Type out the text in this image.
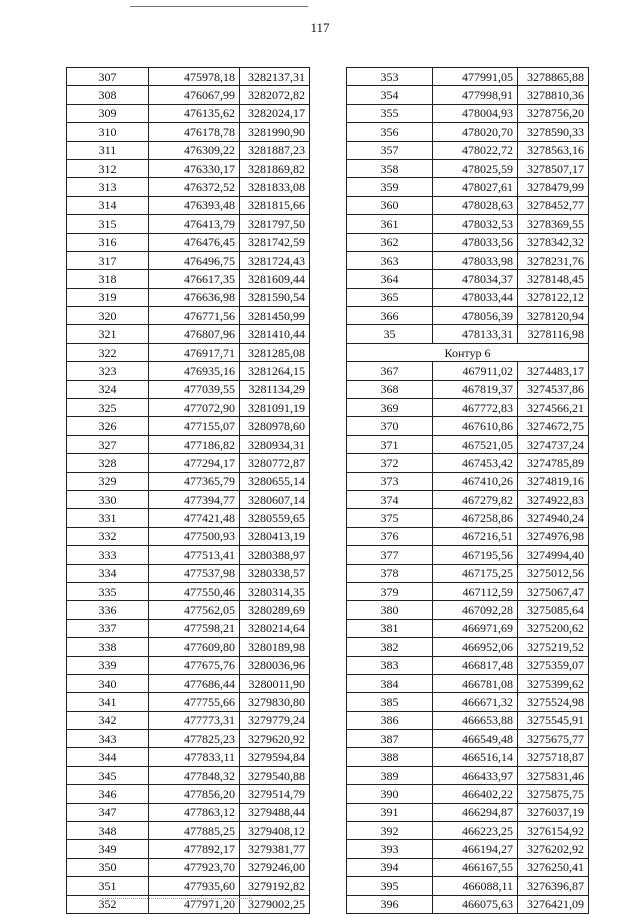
117
307	475978,18	3282137,31
308	476067,99	3282072,82
309	476135,62	3282024,17
310	476178,78	3281990,90
311	476309,22	3281887,23
312	476330,17	3281869,82
313	476372,52	3281833,08
314	476393,48	3281815,66
315	476413,79	3281797,50
316	476476,45	3281742,59
317	476496,75	3281724,43
318	476617,35	3281609,44
319	476636,98	3281590,54
320	476771,56	3281450,99
321	476807,96	3281410,44
322	476917,71	3281285,08
323	476935,16	3281264,15
324	477039,55	3281134,29
325	477072,90	3281091,19
326	477155,07	3280978,60
327	477186,82	3280934,31
328	477294,17	3280772,87
329	477365,79	3280655,14
330	477394,77	3280607,14
331	477421,48	3280559,65
332	477500,93	3280413,19
333	477513,41	3280388,97
334	477537,98	3280338,57
335	477550,46	3280314,35
336	477562,05	3280289,69
337	477598,21	3280214,64
338	477609,80	3280189,98
339	477675,76	3280036,96
340	477686,44	3280011,90
341	477755,66	3279830,80
342	477773,31	3279779,24
343	477825,23	3279620,92
344	477833,11	3279594,84
345	477848,32	3279540,88
346	477856,20	3279514,79
347	477863,12	3279488,44
348	477885,25	3279408,12
349	477892,17	3279381,77
350	477923,70	3279246,00
351	477935,60	3279192,82
352	477971,20	3279002,25
353	477991,05	3278865,88
354	477998,91	3278810,36
355	478004,93	3278756,20
356	478020,70	3278590,33
357	478022,72	3278563,16
358	478025,59	3278507,17
359	478027,61	3278479,99
360	478028,63	3278452,77
361	478032,53	3278369,55
362	478033,56	3278342,32
363	478033,98	3278231,76
364	478034,37	3278148,45
365	478033,44	3278122,12
366	478056,39	3278120,94
35	478133,31	3278116,98
Контур 6		
367	467911,02	3274483,17
368	467819,37	3274537,86
369	467772,83	3274566,21
370	467610,86	3274672,75
371	467521,05	3274737,24
372	467453,42	3274785,89
373	467410,26	3274819,16
374	467279,82	3274922,83
375	467258,86	3274940,24
376	467216,51	3274976,98
377	467195,56	3274994,40
378	467175,25	3275012,56
379	467112,59	3275067,47
380	467092,28	3275085,64
381	466971,69	3275200,62
382	466952,06	3275219,52
383	466817,48	3275359,07
384	466781,08	3275399,62
385	466671,32	3275524,98
386	466653,88	3275545,91
387	466549,48	3275675,77
388	466516,14	3275718,87
389	466433,97	3275831,46
390	466402,22	3275875,75
391	466294,87	3276037,19
392	466223,25	3276154,92
393	466194,27	3276202,92
394	466167,55	3276250,41
395	466088,11	3276396,87
396	466075,63	3276421,09
